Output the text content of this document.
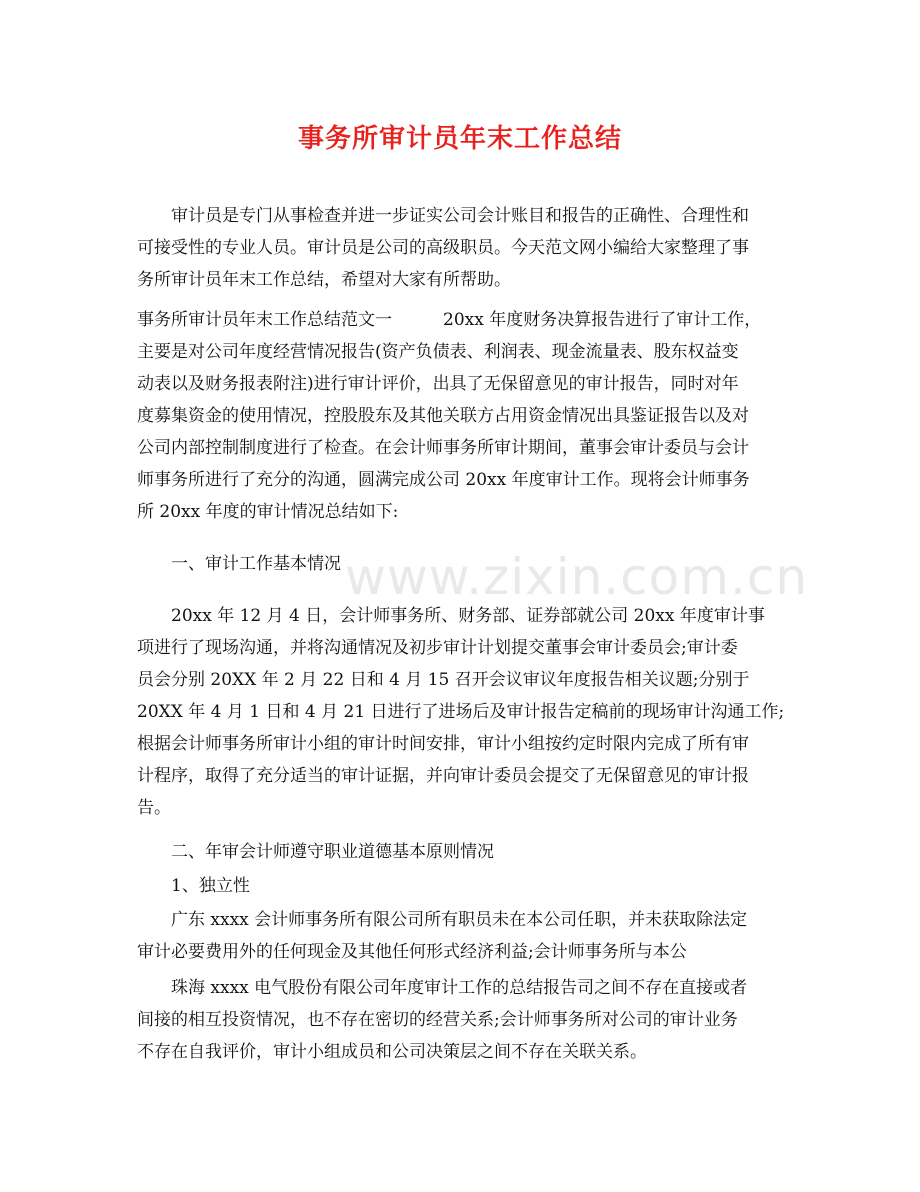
www.zixin.com.cn
事务所审计员年末工作总结
审计员是专门从事检查并进一步证实公司会计账目和报告的正确性、合理性和
可接受性的专业人员。审计员是公司的高级职员。今天范文网小编给大家整理了事
务所审计员年末工作总结，希望对大家有所帮助。
事务所审计员年末工作总结范文一　　　20xx 年度财务决算报告进行了审计工作，
主要是对公司年度经营情况报告(资产负债表、利润表、现金流量表、股东权益变
动表以及财务报表附注)进行审计评价，出具了无保留意见的审计报告，同时对年
度募集资金的使用情况，控股股东及其他关联方占用资金情况出具鉴证报告以及对
公司内部控制制度进行了检查。在会计师事务所审计期间，董事会审计委员与会计
师事务所进行了充分的沟通，圆满完成公司 20xx 年度审计工作。现将会计师事务
所 20xx 年度的审计情况总结如下:
一、审计工作基本情况
20xx 年 12 月 4 日，会计师事务所、财务部、证券部就公司 20xx 年度审计事
项进行了现场沟通，并将沟通情况及初步审计计划提交董事会审计委员会;审计委
员会分别 20XX 年 2 月 22 日和 4 月 15 召开会议审议年度报告相关议题;分别于
20XX 年 4 月 1 日和 4 月 21 日进行了进场后及审计报告定稿前的现场审计沟通工作;
根据会计师事务所审计小组的审计时间安排，审计小组按约定时限内完成了所有审
计程序，取得了充分适当的审计证据，并向审计委员会提交了无保留意见的审计报
告。
二、年审会计师遵守职业道德基本原则情况
1、独立性
广东 xxxx 会计师事务所有限公司所有职员未在本公司任职，并未获取除法定
审计必要费用外的任何现金及其他任何形式经济利益;会计师事务所与本公
珠海 xxxx 电气股份有限公司年度审计工作的总结报告司之间不存在直接或者
间接的相互投资情况，也不存在密切的经营关系;会计师事务所对公司的审计业务
不存在自我评价，审计小组成员和公司决策层之间不存在关联关系。
